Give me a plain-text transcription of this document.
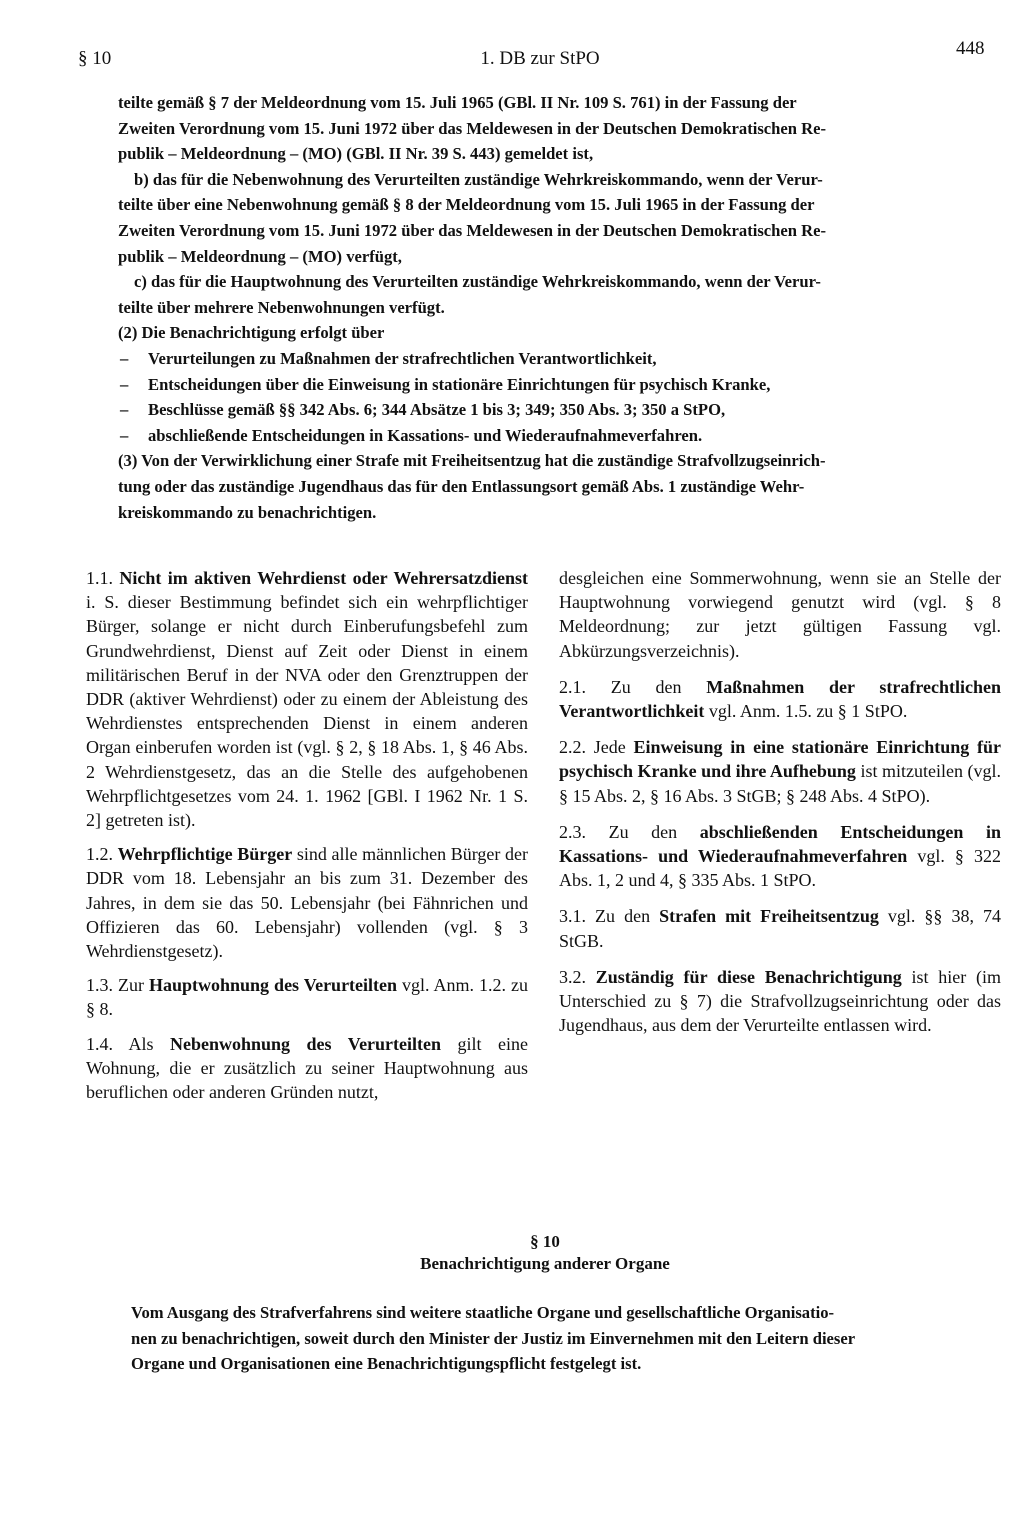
§ 10	1. DB zur StPO	448
teilte gemäß § 7 der Meldeordnung vom 15. Juli 1965 (GBl. II Nr. 109 S. 761) in der Fassung der
Zweiten Verordnung vom 15. Juni 1972 über das Meldewesen in der Deutschen Demokratischen Re-
publik – Meldeordnung – (MO) (GBl. II Nr. 39 S. 443) gemeldet ist,
b) das für die Nebenwohnung des Verurteilten zuständige Wehrkreiskommando, wenn der Verur-
teilte über eine Nebenwohnung gemäß § 8 der Meldeordnung vom 15. Juli 1965 in der Fassung der
Zweiten Verordnung vom 15. Juni 1972 über das Meldewesen in der Deutschen Demokratischen Re-
publik – Meldeordnung – (MO) verfügt,
c) das für die Hauptwohnung des Verurteilten zuständige Wehrkreiskommando, wenn der Verur-
teilte über mehrere Nebenwohnungen verfügt.
(2) Die Benachrichtigung erfolgt über
– Verurteilungen zu Maßnahmen der strafrechtlichen Verantwortlichkeit,
– Entscheidungen über die Einweisung in stationäre Einrichtungen für psychisch Kranke,
– Beschlüsse gemäß §§ 342 Abs. 6; 344 Absätze 1 bis 3; 349; 350 Abs. 3; 350 a StPO,
– abschließende Entscheidungen in Kassations- und Wiederaufnahmeverfahren.
(3) Von der Verwirklichung einer Strafe mit Freiheitsentzug hat die zuständige Strafvollzugseinrich-
tung oder das zuständige Jugendhaus das für den Entlassungsort gemäß Abs. 1 zuständige Wehr-
kreiskommando zu benachrichtigen.

1.1. Nicht im aktiven Wehrdienst oder Wehrersatzdienst i. S. dieser Bestimmung befindet sich ein wehrpflichtiger Bürger, solange er nicht durch Einberufungsbefehl zum Grundwehrdienst, Dienst auf Zeit oder Dienst in einem militärischen Beruf in der NVA oder den Grenztruppen der DDR (aktiver Wehrdienst) oder zu einem der Ableistung des Wehrdienstes entsprechenden Dienst in einem anderen Organ einberufen worden ist (vgl. § 2, § 18 Abs. 1, § 46 Abs. 2 Wehrdienstgesetz, das an die Stelle des aufgehobenen Wehrpflichtgesetzes vom 24. 1. 1962 [GBl. I 1962 Nr. 1 S. 2] getreten ist).

1.2. Wehrpflichtige Bürger sind alle männlichen Bürger der DDR vom 18. Lebensjahr an bis zum 31. Dezember des Jahres, in dem sie das 50. Lebensjahr (bei Fähnrichen und Offizieren das 60. Lebensjahr) vollenden (vgl. § 3 Wehrdienstgesetz).

1.3. Zur Hauptwohnung des Verurteilten vgl. Anm. 1.2. zu § 8.

1.4. Als Nebenwohnung des Verurteilten gilt eine Wohnung, die er zusätzlich zu seiner Hauptwohnung aus beruflichen oder anderen Gründen nutzt,

desgleichen eine Sommerwohnung, wenn sie an Stelle der Hauptwohnung vorwiegend genutzt wird (vgl. § 8 Meldeordnung; zur jetzt gültigen Fassung vgl. Abkürzungsverzeichnis).

2.1. Zu den Maßnahmen der strafrechtlichen Verantwortlichkeit vgl. Anm. 1.5. zu § 1 StPO.

2.2. Jede Einweisung in eine stationäre Einrichtung für psychisch Kranke und ihre Aufhebung ist mitzuteilen (vgl. § 15 Abs. 2, § 16 Abs. 3 StGB; § 248 Abs. 4 StPO).

2.3. Zu den abschließenden Entscheidungen in Kassations- und Wiederaufnahmeverfahren vgl. § 322 Abs. 1, 2 und 4, § 335 Abs. 1 StPO.

3.1. Zu den Strafen mit Freiheitsentzug vgl. §§ 38, 74 StGB.

3.2. Zuständig für diese Benachrichtigung ist hier (im Unterschied zu § 7) die Strafvollzugseinrichtung oder das Jugendhaus, aus dem der Verurteilte entlassen wird.

§ 10
Benachrichtigung anderer Organe
Vom Ausgang des Strafverfahrens sind weitere staatliche Organe und gesellschaftliche Organisatio-
nen zu benachrichtigen, soweit durch den Minister der Justiz im Einvernehmen mit den Leitern dieser
Organe und Organisationen eine Benachrichtigungspflicht festgelegt ist.
